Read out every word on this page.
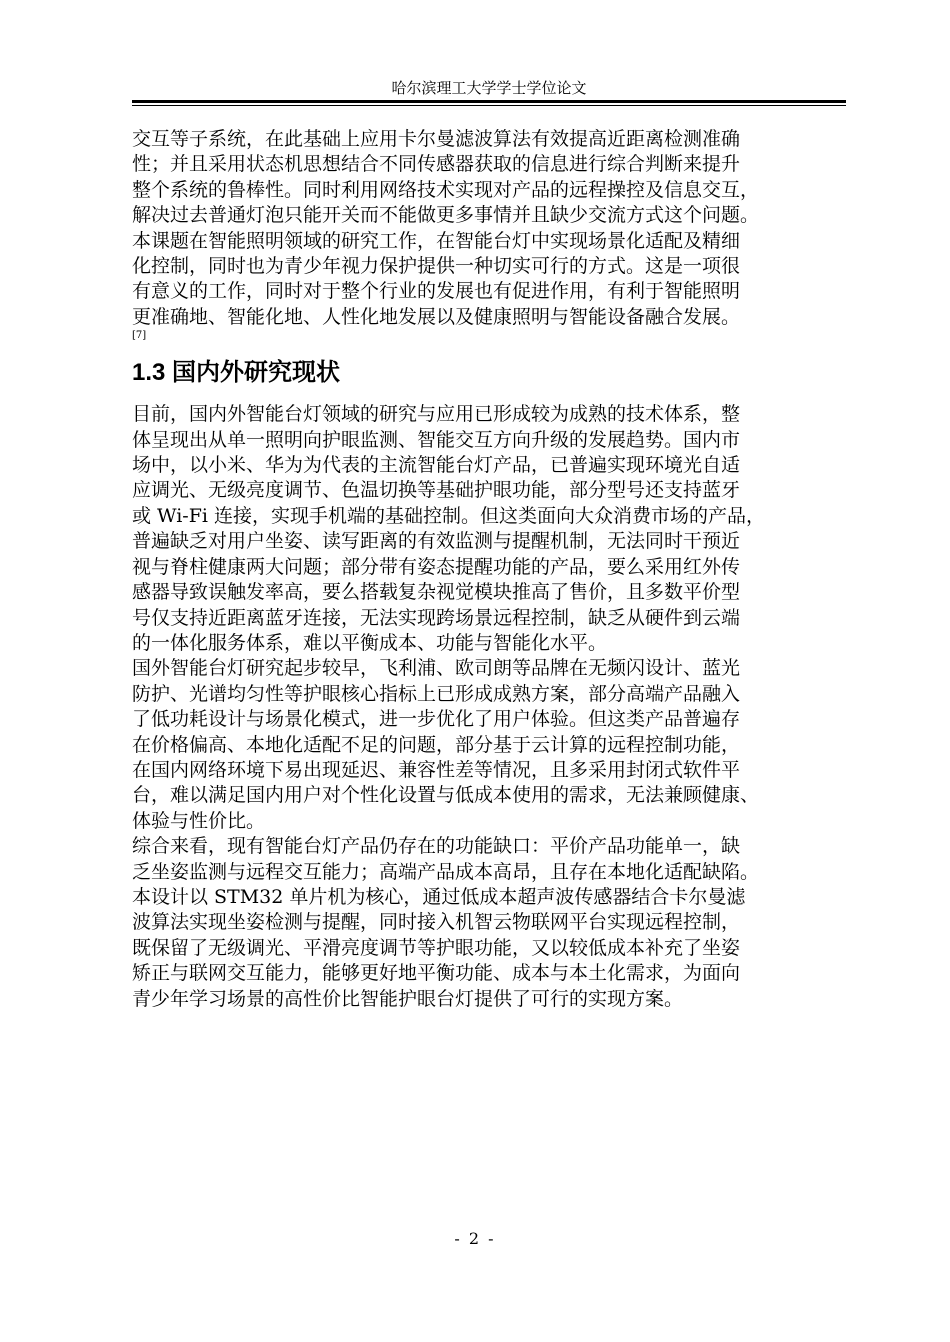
哈尔滨理工大学学士学位论文
交互等子系统，在此基础上应用卡尔曼滤波算法有效提高近距离检测准确
性；并且采用状态机思想结合不同传感器获取的信息进行综合判断来提升
整个系统的鲁棒性。同时利用网络技术实现对产品的远程操控及信息交互，
解决过去普通灯泡只能开关而不能做更多事情并且缺少交流方式这个问题。
本课题在智能照明领域的研究工作，在智能台灯中实现场景化适配及精细
化控制，同时也为青少年视力保护提供一种切实可行的方式。这是一项很
有意义的工作，同时对于整个行业的发展也有促进作用，有利于智能照明
更准确地、智能化地、人性化地发展以及健康照明与智能设备融合发展。
[7]
1.3 国内外研究现状
目前，国内外智能台灯领域的研究与应用已形成较为成熟的技术体系，整
体呈现出从单一照明向护眼监测、智能交互方向升级的发展趋势。国内市
场中，以小米、华为为代表的主流智能台灯产品，已普遍实现环境光自适
应调光、无级亮度调节、色温切换等基础护眼功能，部分型号还支持蓝牙
或 Wi-Fi 连接，实现手机端的基础控制。但这类面向大众消费市场的产品，
普遍缺乏对用户坐姿、读写距离的有效监测与提醒机制，无法同时干预近
视与脊柱健康两大问题；部分带有姿态提醒功能的产品，要么采用红外传
感器导致误触发率高，要么搭载复杂视觉模块推高了售价，且多数平价型
号仅支持近距离蓝牙连接，无法实现跨场景远程控制，缺乏从硬件到云端
的一体化服务体系，难以平衡成本、功能与智能化水平。
国外智能台灯研究起步较早，飞利浦、欧司朗等品牌在无频闪设计、蓝光
防护、光谱均匀性等护眼核心指标上已形成成熟方案，部分高端产品融入
了低功耗设计与场景化模式，进一步优化了用户体验。但这类产品普遍存
在价格偏高、本地化适配不足的问题，部分基于云计算的远程控制功能，
在国内网络环境下易出现延迟、兼容性差等情况，且多采用封闭式软件平
台，难以满足国内用户对个性化设置与低成本使用的需求，无法兼顾健康、
体验与性价比。
综合来看，现有智能台灯产品仍存在的功能缺口：平价产品功能单一，缺
乏坐姿监测与远程交互能力；高端产品成本高昂，且存在本地化适配缺陷。
本设计以 STM32 单片机为核心，通过低成本超声波传感器结合卡尔曼滤
波算法实现坐姿检测与提醒，同时接入机智云物联网平台实现远程控制，
既保留了无级调光、平滑亮度调节等护眼功能，又以较低成本补充了坐姿
矫正与联网交互能力，能够更好地平衡功能、成本与本土化需求，为面向
青少年学习场景的高性价比智能护眼台灯提供了可行的实现方案。
- 2 -
